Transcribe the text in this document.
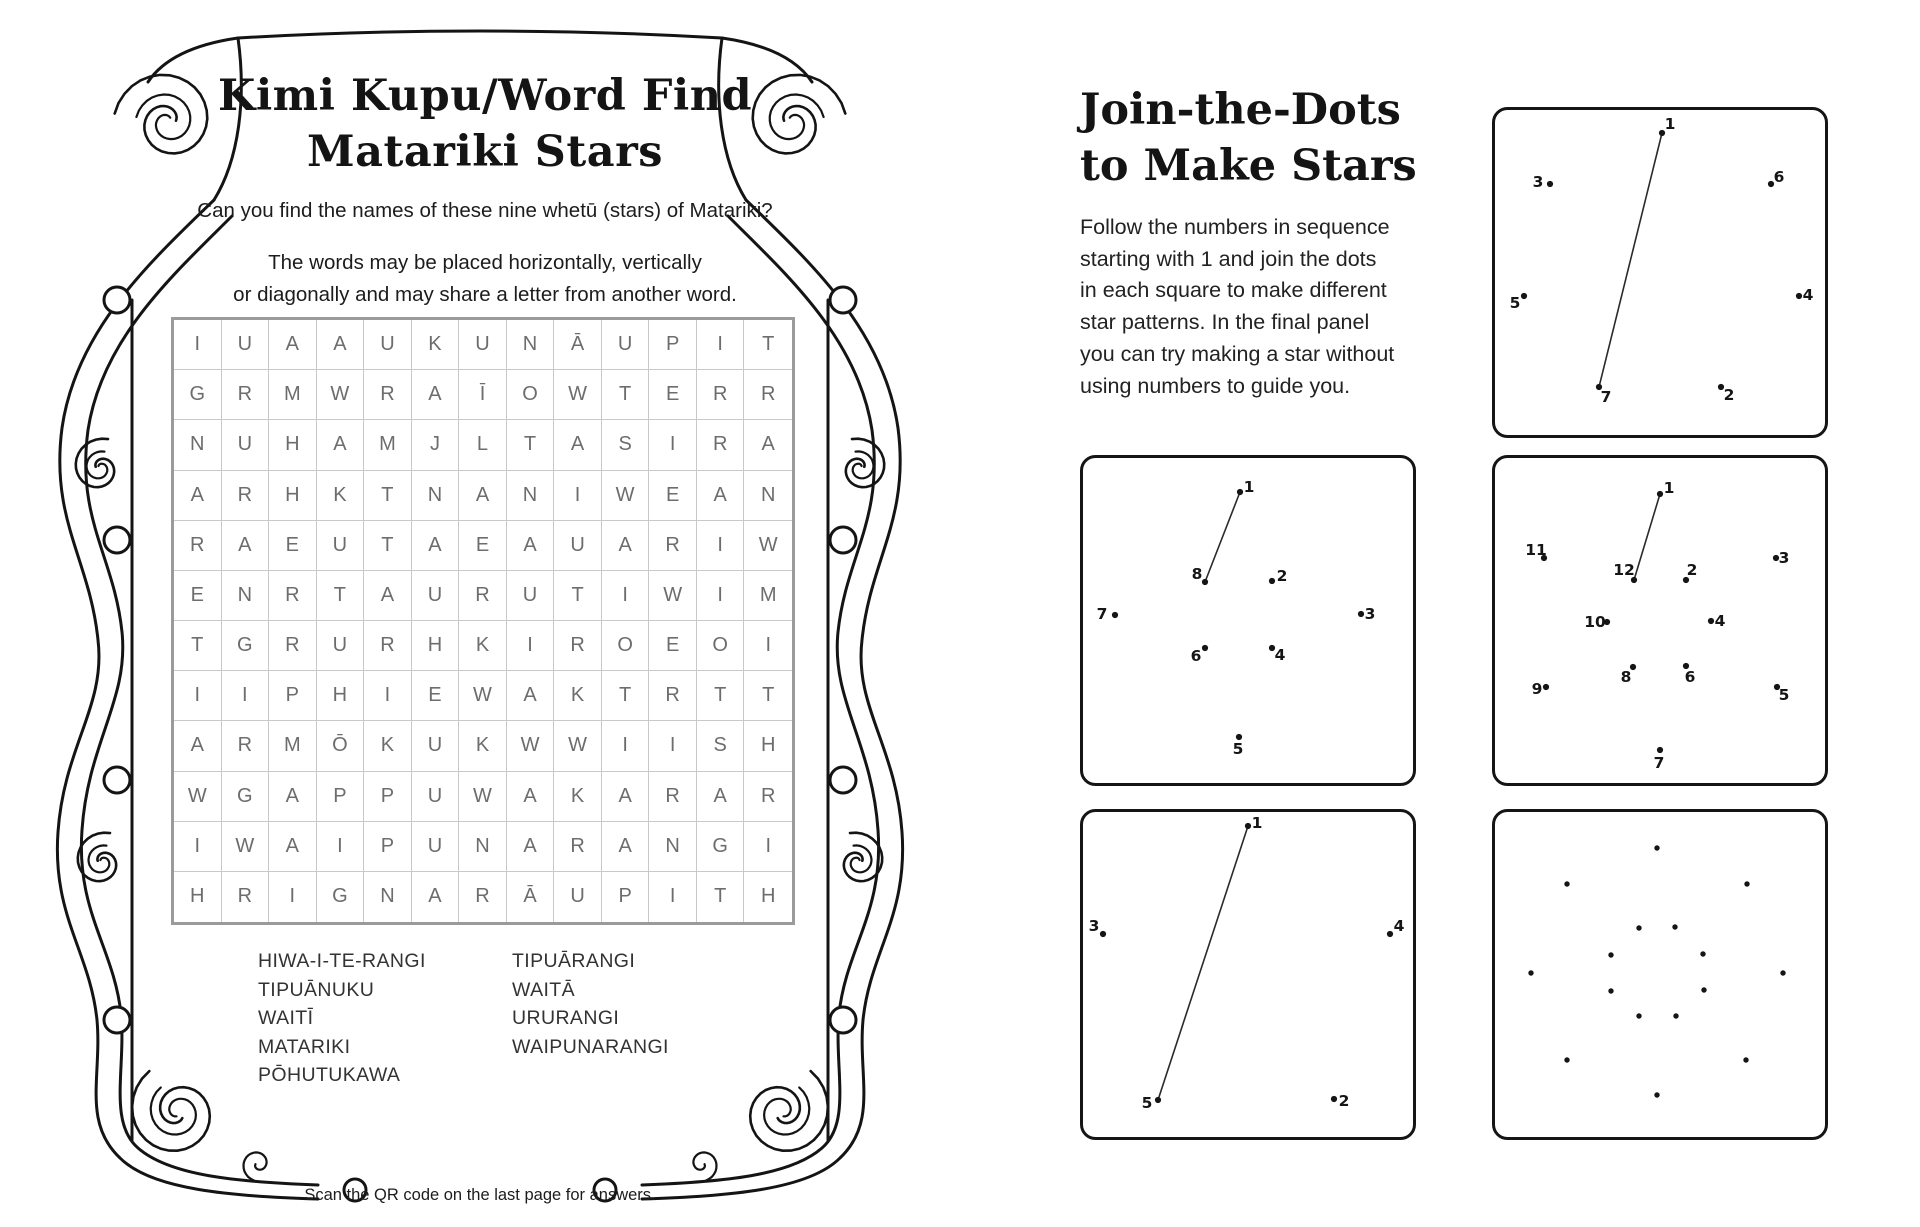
Kimi Kupu/Word Find
Matariki Stars
Can you find the names of these nine whetū (stars) of Matariki?
The words may be placed horizontally, vertically
or diagonally and may share a letter from another word.
I	U	A	A	U	K	U	N	Ā	U	P	I	T
G	R	M	W	R	A	Ī	O	W	T	E	R	R
N	U	H	A	M	J	L	T	A	S	I	R	A
A	R	H	K	T	N	A	N	I	W	E	A	N
R	A	E	U	T	A	E	A	U	A	R	I	W
E	N	R	T	A	U	R	U	T	I	W	I	M
T	G	R	U	R	H	K	I	R	O	E	O	I
I	I	P	H	I	E	W	A	K	T	R	T	T
A	R	M	Ō	K	U	K	W	W	I	I	S	H
W	G	A	P	P	U	W	A	K	A	R	A	R
I	W	A	I	P	U	N	A	R	A	N	G	I
H	R	I	G	N	A	R	Ā	U	P	I	T	H
HIWA-I-TE-RANGI
TIPUĀNUKU
WAITĪ
MATARIKI
PŌHUTUKAWA
TIPUĀRANGI
WAITĀ
URURANGI
WAIPUNARANGI
Scan the QR code on the last page for answers.
Join-the-Dots
to Make Stars
Follow the numbers in sequence
starting with 1 and join the dots
in each square to make different
star patterns. In the final panel
you can try making a star without
using numbers to guide you.
1
3	6
5	4
7	2
1
8	2
7	3
6	4
5
1
11	3
12	2
10	4
8	6
9	5
7
1
3	4
5	2
